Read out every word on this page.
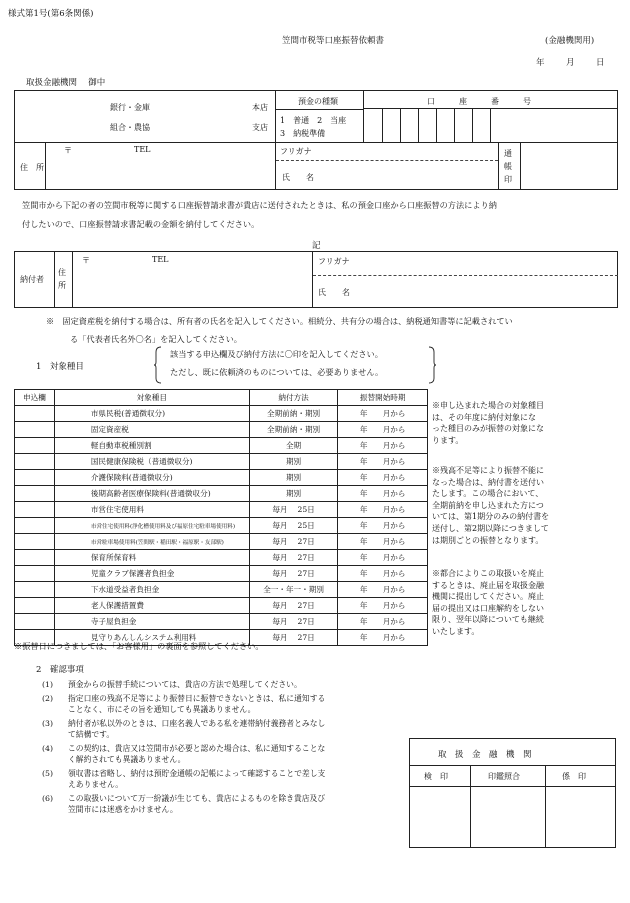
様式第1号(第6条関係)
笠間市税等口座振替依頼書	(金融機関用)
年	月	日
取扱金融機関　 御中
銀行・金庫
組合・農協
本店
支店
預金の種類
1　普通　2　当座
3　納税準備
口　　　座　　　番　　　号
住　所
〒	TEL	フリガナ
氏　　名
通
帳
印
笠間市から下記の者の笠間市税等に関する口座振替請求書が貴店に送付されたときは、私の預金口座から口座振替の方法により納
付したいので、口座振替請求書記載の金額を納付してください。
記
納付者
住
所
〒	TEL	フリガナ
氏　　名
※　固定資産税を納付する場合は、所有者の氏名を記入してください。相続分、共有分の場合は、納税通知書等に記載されてい
る「代表者氏名外〇名」を記入してください。
1　対象種目
該当する申込欄及び納付方法に〇印を記入してください。
ただし、既に依頼済のものについては、必要ありません。
申込欄	対象種目	納付方法	振替開始時期
	市県民税(普通徴収分)	全期前納・期別	年　　月から
	固定資産税	全期前納・期別	年　　月から
	軽自動車税種別割	全期	年　　月から
	国民健康保険税（普通徴収分)	期別	年　　月から
	介護保険料(普通徴収分)	期別	年　　月から
	後期高齢者医療保険料(普通徴収分)	期別	年　　月から
	市営住宅使用料	毎月　 25日	年　　月から
	市営住宅使用料(浄化槽使用料及び福原住宅駐車場使用料)	毎月　 25日	年　　月から
	市営駐車場使用料(笠間駅・稲田駅・福原駅・友部駅)	毎月　 27日	年　　月から
	保育所保育料	毎月　 27日	年　　月から
	児童クラブ保護者負担金	毎月　 27日	年　　月から
	下水道受益者負担金	全一・年一・期別	年　　月から
	老人保護措置費	毎月　 27日	年　　月から
	寺子屋負担金	毎月　 27日	年　　月から
	見守りあんしんシステム利用料	毎月　 27日	年　　月から
※申し込まれた場合の対象種目
は、その年度に納付対象にな
った種目のみが振替の対象にな
ります。
※残高不足等により振替不能に
なった場合は、納付書を送付い
たします。この場合において、
全期前納を申し込まれた方につ
いては、第1期分のみの納付書を
送付し、第2期以降につきまして
は期別ごとの振替となります。
※都合によりこの取扱いを廃止
するときは、廃止届を取扱金融
機関に提出してください。廃止
届の提出又は口座解約をしない
限り、翌年以降についても継続
いたします。
※振替日につきましては、「お客様用」の裏面を参照してください。
2　確認事項
(1) 預金からの振替手続については、貴店の方法で処理してください。
(2) 指定口座の残高不足等により振替日に振替できないときは、私に通知する
ことなく、市にその旨を通知しても異議ありません。
(3) 納付者が私以外のときは、口座名義人である私を連帯納付義務者とみなし
て結構です。
(4) この契約は、貴店又は笠間市が必要と認めた場合は、私に通知することな
く解約されても異議ありません。
(5) 領収書は省略し、納付は預貯金通帳の記帳によって確認することで差し支
えありません。
(6) この取扱いについて万一紛議が生じても、貴店によるものを除き貴店及び
笠間市には迷惑をかけません。
取　扱　金　融　機　関
検　印	印鑑照合	係　印
